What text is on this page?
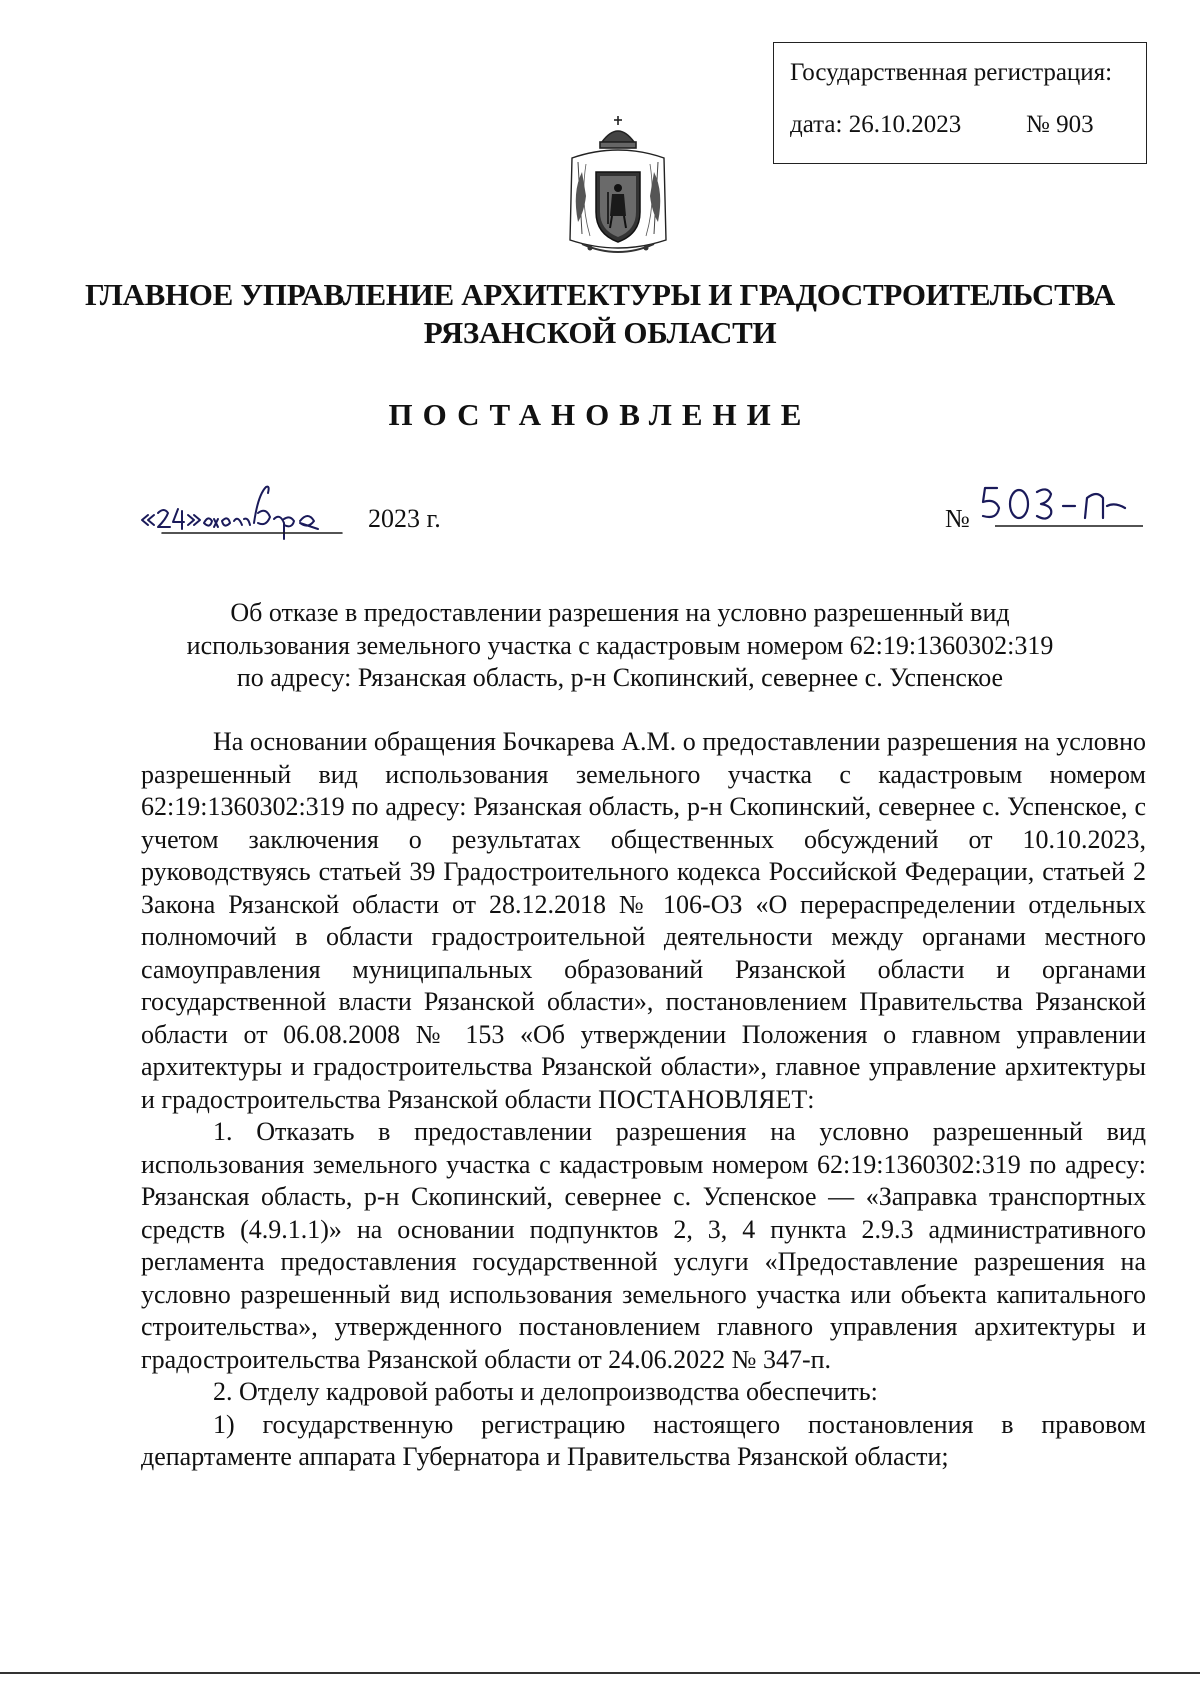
Государственная регистрация:
дата: 26.10.2023	№ 903
ГЛАВНОЕ УПРАВЛЕНИЕ АРХИТЕКТУРЫ И ГРАДОСТРОИТЕЛЬСТВА
РЯЗАНСКОЙ ОБЛАСТИ
ПОСТАНОВЛЕНИЕ
2023 г.	№
Об отказе в предоставлении разрешения на условно разрешенный вид
использования земельного участка с кадастровым номером 62:19:1360302:319
по адресу: Рязанская область, р-н Скопинский, севернее с. Успенское

На основании обращения Бочкарева А.М. о предоставлении разрешения на условно разрешенный вид использования земельного участка с кадастровым номером 62:19:1360302:319 по адресу: Рязанская область, р-н Скопинский, севернее с. Успенское, с учетом заключения о результатах общественных обсуждений от 10.10.2023, руководствуясь статьей 39 Градостроительного кодекса Российской Федерации, статьей 2 Закона Рязанской области от 28.12.2018 № 106-ОЗ «О перераспределении отдельных полномочий в области градостроительной деятельности между органами местного самоуправления муниципальных образований Рязанской области и органами государственной власти Рязанской области», постановлением Правительства Рязанской области от 06.08.2008 № 153 «Об утверждении Положения о главном управлении архитектуры и градостроительства Рязанской области», главное управление архитектуры и градостроительства Рязанской области ПОСТАНОВЛЯЕТ:

1. Отказать в предоставлении разрешения на условно разрешенный вид использования земельного участка с кадастровым номером 62:19:1360302:319 по адресу: Рязанская область, р-н Скопинский, севернее с. Успенское — «Заправка транспортных средств (4.9.1.1)» на основании подпунктов 2, 3, 4 пункта 2.9.3 административного регламента предоставления государственной услуги «Предоставление разрешения на условно разрешенный вид использования земельного участка или объекта капитального строительства», утвержденного постановлением главного управления архитектуры и градостроительства Рязанской области от 24.06.2022 № 347-п.

2. Отделу кадровой работы и делопроизводства обеспечить:

1) государственную регистрацию настоящего постановления в правовом департаменте аппарата Губернатора и Правительства Рязанской области;
